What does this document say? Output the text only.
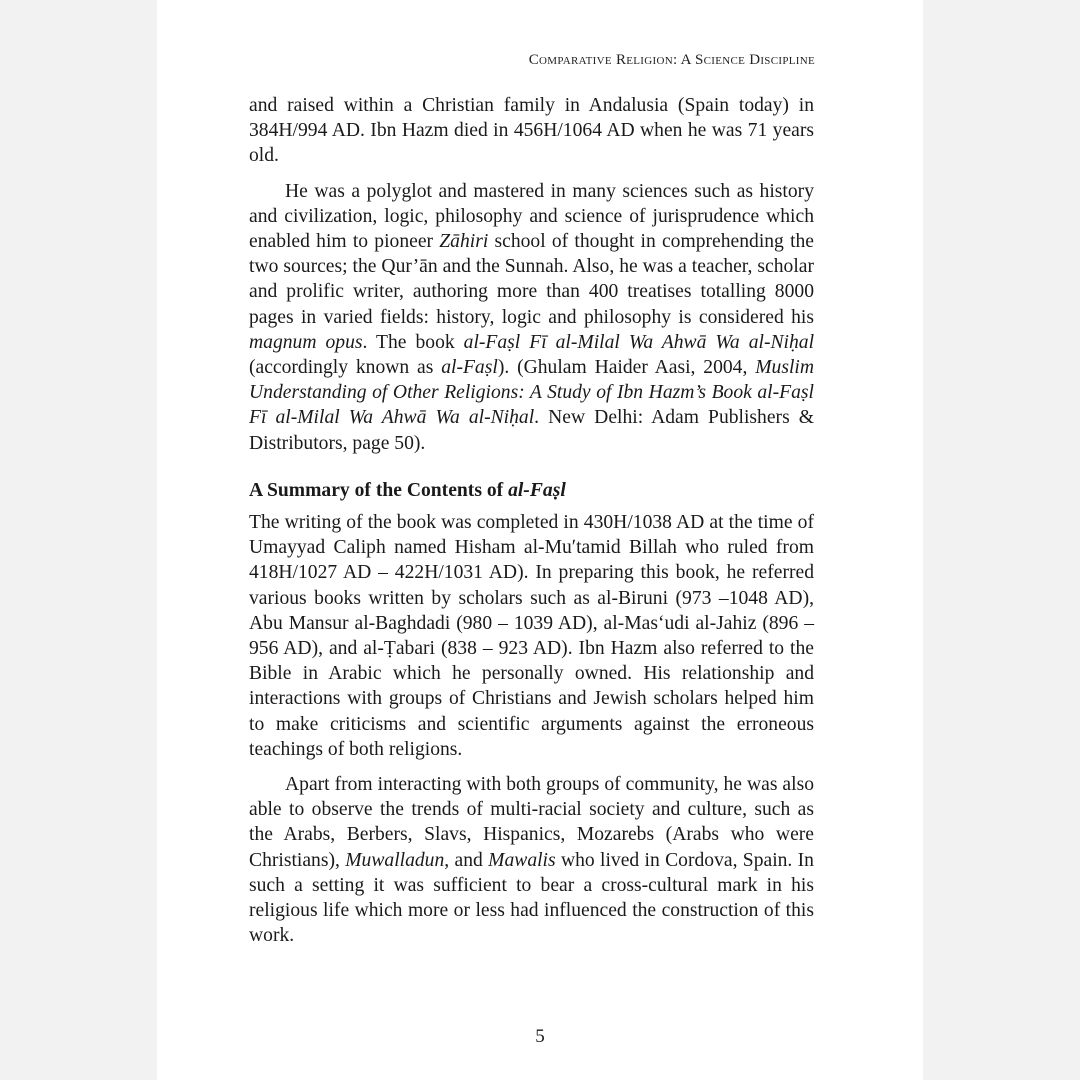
Comparative Religion: A Science Discipline

and raised within a Christian family in Andalusia (Spain today) in 384H/994 AD. Ibn Hazm died in 456H/1064 AD when he was 71 years old.

He was a polyglot and mastered in many sciences such as history and civilization, logic, philosophy and science of jurisprudence which enabled him to pioneer Zāhiri school of thought in comprehending the two sources; the Qur’ān and the Sunnah. Also, he was a teacher, scholar and prolific writer, authoring more than 400 treatises totalling 8000 pages in varied fields: history, logic and philosophy is considered his magnum opus. The book al-Faṣl Fī al-Milal Wa Ahwā Wa al-Niḥal (accordingly known as al-Faṣl). (Ghulam Haider Aasi, 2004, Muslim Understanding of Other Religions: A Study of Ibn Hazm’s Book al-Faṣl Fī al-Milal Wa Ahwā Wa al-Niḥal. New Delhi: Adam Publishers & Distributors, page 50).

A Summary of the Contents of al-Faṣl

The writing of the book was completed in 430H/1038 AD at the time of Umayyad Caliph named Hisham al-Muʹtamid Billah who ruled from 418H/1027 AD – 422H/1031 AD). In preparing this book, he referred various books written by scholars such as al-Biruni (973 –1048 AD), Abu Mansur al-Baghdadi (980 – 1039 AD), al-Mas‘udi al-Jahiz (896 – 956 AD), and al-Ṭabari (838 – 923 AD). Ibn Hazm also referred to the Bible in Arabic which he personally owned. His relationship and interactions with groups of Christians and Jewish scholars helped him to make criticisms and scientific arguments against the erroneous teachings of both religions.

Apart from interacting with both groups of community, he was also able to observe the trends of multi-racial society and culture, such as the Arabs, Berbers, Slavs, Hispanics, Mozarebs (Arabs who were Christians), Muwalladun, and Mawalis who lived in Cordova, Spain. In such a setting it was sufficient to bear a cross-cultural mark in his religious life which more or less had influenced the construction of this work.

5
